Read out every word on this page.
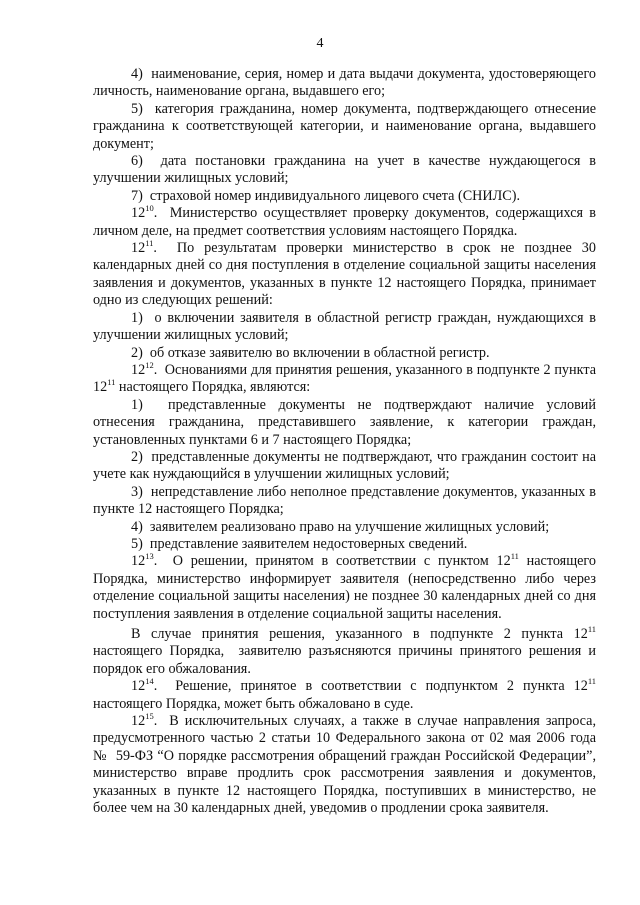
4

4)  наименование, серия, номер и дата выдачи документа, удостоверяющего личность, наименование органа, выдавшего его;

5)  категория гражданина, номер документа, подтверждающего отнесение гражданина к соответствующей категории, и наименование органа, выдавшего документ;

6)  дата постановки гражданина на учет в качестве нуждающегося в улучшении жилищных условий;

7)  страховой номер индивидуального лицевого счета (СНИЛС).

$12^{10}$.  Министерство осуществляет проверку документов, содержащихся в личном деле, на предмет соответствия условиям настоящего Порядка.

$12^{11}$.  По результатам проверки министерство в срок не позднее 30 календарных дней со дня поступления в отделение социальной защиты населения заявления и документов, указанных в пункте 12 настоящего Порядка, принимает одно из следующих решений:

1)  о включении заявителя в областной регистр граждан, нуждающихся в улучшении жилищных условий;

2)  об отказе заявителю во включении в областной регистр.

$12^{12}$.  Основаниями для принятия решения, указанного в подпункте 2 пункта $12^{11}$ настоящего Порядка, являются:

1)  представленные документы не подтверждают наличие условий отнесения гражданина, представившего заявление, к категории граждан, установленных пунктами 6 и 7 настоящего Порядка;

2)  представленные документы не подтверждают, что гражданин состоит на учете как нуждающийся в улучшении жилищных условий;

3)  непредставление либо неполное представление документов, указанных в пункте 12 настоящего Порядка;

4)  заявителем реализовано право на улучшение жилищных условий;

5)  представление заявителем недостоверных сведений.

$12^{13}$.  О решении, принятом в соответствии с пунктом $12^{11}$ настоящего Порядка, министерство информирует заявителя (непосредственно либо через отделение социальной защиты населения) не позднее 30 календарных дней со дня поступления заявления в отделение социальной защиты населения.

В случае принятия решения, указанного в подпункте 2 пункта $12^{11}$ настоящего Порядка,  заявителю разъясняются причины принятого решения и порядок его обжалования.

$12^{14}$.  Решение, принятое в соответствии с подпунктом 2 пункта $12^{11}$ настоящего Порядка, может быть обжаловано в суде.

$12^{15}$.  В исключительных случаях, а также в случае направления запроса, предусмотренного частью 2 статьи 10 Федерального закона от 02 мая 2006 года №  59-ФЗ “О порядке рассмотрения обращений граждан Российской Федерации”, министерство вправе продлить срок рассмотрения заявления и документов, указанных в пункте 12 настоящего Порядка, поступивших в министерство, не более чем на 30 календарных дней, уведомив о продлении срока заявителя.
